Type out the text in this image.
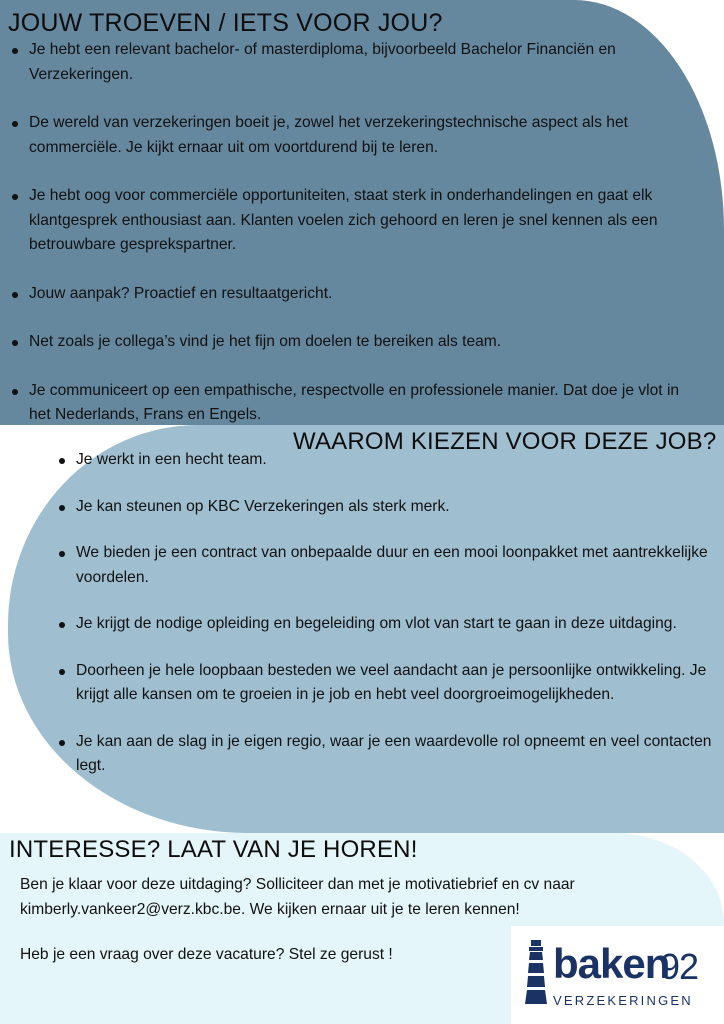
JOUW TROEVEN / IETS VOOR JOU?
Je hebt een relevant bachelor- of masterdiploma, bijvoorbeeld Bachelor Financiën en Verzekeringen.
De wereld van verzekeringen boeit je, zowel het verzekeringstechnische aspect als het commerciële. Je kijkt ernaar uit om voortdurend bij te leren.
Je hebt oog voor commerciële opportuniteiten, staat sterk in onderhandelingen en gaat elk klantgesprek enthousiast aan. Klanten voelen zich gehoord en leren je snel kennen als een betrouwbare gesprekspartner.
Jouw aanpak? Proactief en resultaatgericht.
Net zoals je collega’s vind je het fijn om doelen te bereiken als team.
Je communiceert op een empathische, respectvolle en professionele manier. Dat doe je vlot in het Nederlands, Frans en Engels.
WAAROM KIEZEN VOOR DEZE JOB?
Je werkt in een hecht team.
Je kan steunen op KBC Verzekeringen als sterk merk.
We bieden je een contract van onbepaalde duur en een mooi loonpakket met aantrekkelijke voordelen.
Je krijgt de nodige opleiding en begeleiding om vlot van start te gaan in deze uitdaging.
Doorheen je hele loopbaan besteden we veel aandacht aan je persoonlijke ontwikkeling. Je krijgt alle kansen om te groeien in je job en hebt veel doorgroeimogelijkheden.
Je kan aan de slag in je eigen regio, waar je een waardevolle rol opneemt en veel contacten legt.
INTERESSE? LAAT VAN JE HOREN!

Ben je klaar voor deze uitdaging? Solliciteer dan met je motivatiebrief en cv naar kimberly.vankeer2@verz.kbc.be. We kijken ernaar uit je te leren kennen!

Heb je een vraag over deze vacature? Stel ze gerust !	baken
92
VERZEKERINGEN
